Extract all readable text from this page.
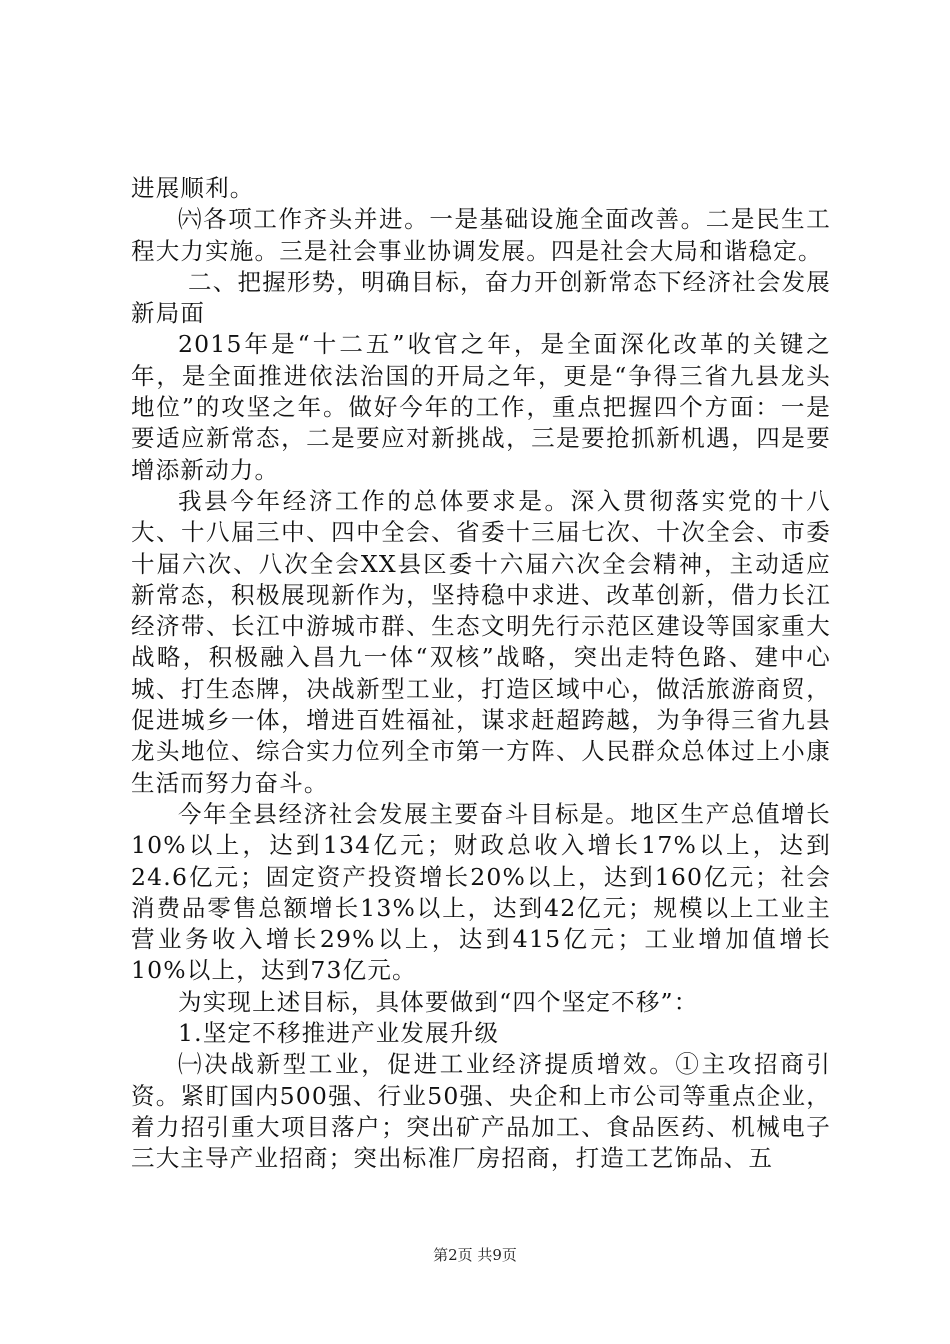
进展顺利。

㈥各项工作齐头并进。一是基础设施全面改善。二是民生工程大力实施。三是社会事业协调发展。四是社会大局和谐稳定。

二、把握形势，明确目标，奋力开创新常态下经济社会发展新局面

2015年是“十二五”收官之年，是全面深化改革的关键之年，是全面推进依法治国的开局之年，更是“争得三省九县龙头地位”的攻坚之年。做好今年的工作，重点把握四个方面：一是要适应新常态，二是要应对新挑战，三是要抢抓新机遇，四是要增添新动力。

我县今年经济工作的总体要求是。深入贯彻落实党的十八大、十八届三中、四中全会、省委十三届七次、十次全会、市委十届六次、八次全会XX县区委十六届六次全会精神，主动适应新常态，积极展现新作为，坚持稳中求进、改革创新，借力长江经济带、长江中游城市群、生态文明先行示范区建设等国家重大战略，积极融入昌九一体“双核”战略，突出走特色路、建中心城、打生态牌，决战新型工业，打造区域中心，做活旅游商贸，促进城乡一体，增进百姓福祉，谋求赶超跨越，为争得三省九县龙头地位、综合实力位列全市第一方阵、人民群众总体过上小康生活而努力奋斗。

今年全县经济社会发展主要奋斗目标是。地区生产总值增长10%以上，达到134亿元；财政总收入增长17%以上，达到24.6亿元；固定资产投资增长20%以上，达到160亿元；社会消费品零售总额增长13%以上，达到42亿元；规模以上工业主营业务收入增长29%以上，达到415亿元；工业增加值增长10%以上，达到73亿元。

为实现上述目标，具体要做到“四个坚定不移”：

1.坚定不移推进产业发展升级

㈠决战新型工业，促进工业经济提质增效。①主攻招商引资。紧盯国内500强、行业50强、央企和上市公司等重点企业，着力招引重大项目落户；突出矿产品加工、食品医药、机械电子三大主导产业招商；突出标准厂房招商，打造工艺饰品、五

第2页 共9页
